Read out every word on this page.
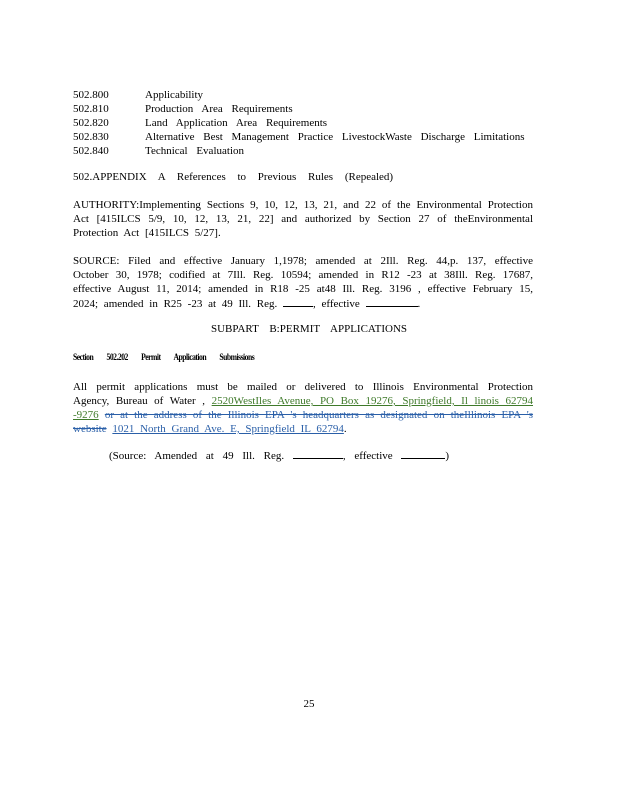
502.800	Applicability
502.810	Production Area Requirements
502.820	Land Application Area Requirements
502.830	Alternative Best Management Practice LivestockWaste Discharge Limitations
502.840	Technical Evaluation
502.APPENDIX A References to Previous Rules (Repealed)
AUTHORITY:Implementing Sections 9, 10, 12, 13, 21, and 22 of the Environmental Protection Act [415ILCS 5/9, 10, 12, 13, 21, 22] and authorized by Section 27 of theEnvironmental Protection Act [415ILCS 5/27].
SOURCE: Filed and effective January 1,1978; amended at 2Ill. Reg. 44,p. 137, effective October 30, 1978; codified at 7Ill. Reg. 10594; amended in R12 -23 at 38Ill. Reg. 17687, effective August 11, 2014; amended in R18 -25 at48 Ill. Reg. 3196 , effective February 15, 2024; amended in R25 -23 at 49 Ill. Reg.	, effective	.
SUBPART B:PERMIT APPLICATIONS
Section 502.202 Permit Application Submissions
All permit applications must be mailed or delivered to Illinois Environmental Protection Agency, Bureau of Water , 2520WestIles Avenue, PO Box 19276, Springfield, Il linois 62794 -9276 or at the address of the Illinois EPA 's headquarters as designated on theIllinois EPA 's website 1021 North Grand Ave. E, Springfield IL 62794.
(Source: Amended at 49 Ill. Reg.	, effective	)
25
